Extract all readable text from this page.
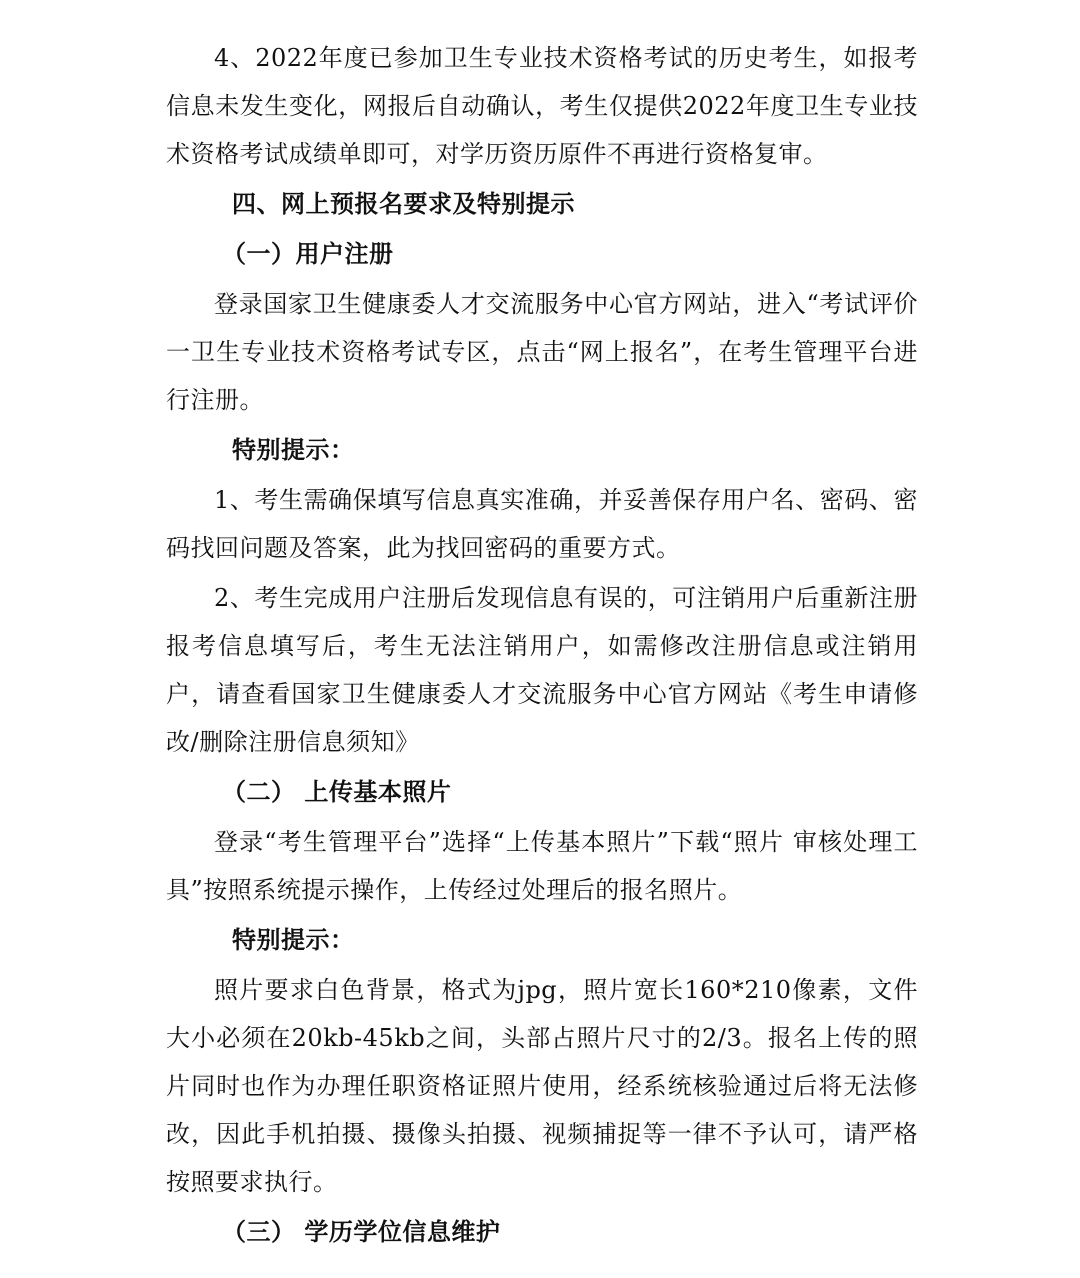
4、2022年度已参加卫生专业技术资格考试的历史考生，如报考信息未发生变化，网报后自动确认，考生仅提供2022年度卫生专业技术资格考试成绩单即可，对学历资历原件不再进行资格复审。

四、网上预报名要求及特别提示

（一）用户注册

登录国家卫生健康委人才交流服务中心官方网站，进入“考试评价一卫生专业技术资格考试专区，点击“网上报名”，在考生管理平台进行注册。

特别提示：

1、考生需确保填写信息真实准确，并妥善保存用户名、密码、密码找回问题及答案，此为找回密码的重要方式。

2、考生完成用户注册后发现信息有误的，可注销用户后重新注册报考信息填写后，考生无法注销用户，如需修改注册信息或注销用户，请查看国家卫生健康委人才交流服务中心官方网站《考生申请修改/删除注册信息须知》

（二） 上传基本照片

登录“考生管理平台”选择“上传基本照片”下载“照片 审核处理工具”按照系统提示操作，上传经过处理后的报名照片。

特别提示：

照片要求白色背景，格式为jpg，照片宽长160*210像素，文件大小必须在20kb-45kb之间，头部占照片尺寸的2/3。报名上传的照片同时也作为办理任职资格证照片使用，经系统核验通过后将无法修改，因此手机拍摄、摄像头拍摄、视频捕捉等一律不予认可，请严格按照要求执行。

（三） 学历学位信息维护
